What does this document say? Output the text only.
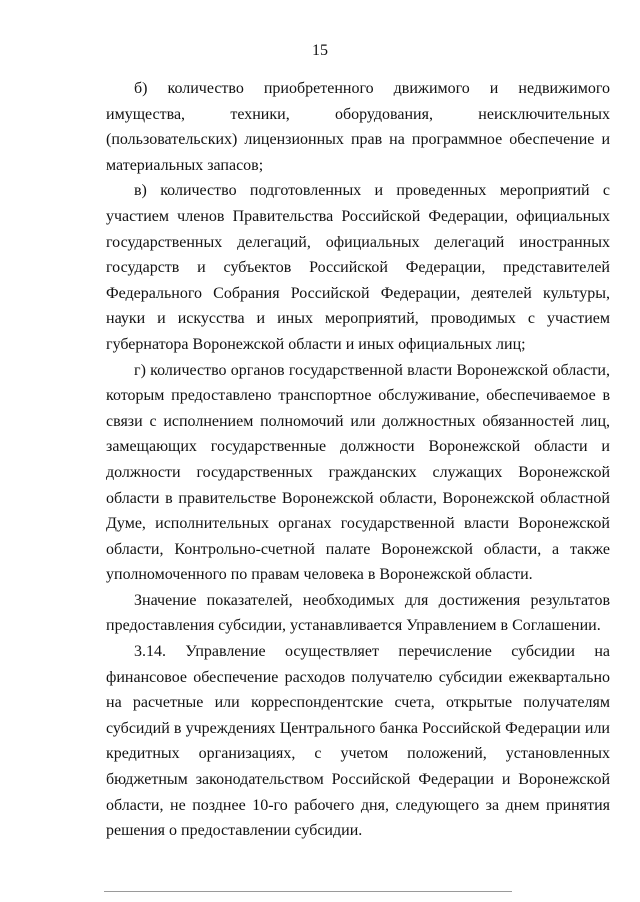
15

б) количество приобретенного движимого и недвижимого имущества, техники, оборудования, неисключительных (пользовательских) лицензионных прав на программное обеспечение и материальных запасов;

в) количество подготовленных и проведенных мероприятий с участием членов Правительства Российской Федерации, официальных государственных делегаций, официальных делегаций иностранных государств и субъектов Российской Федерации, представителей Федерального Собрания Российской Федерации, деятелей культуры, науки и искусства и иных мероприятий, проводимых с участием губернатора Воронежской области и иных официальных лиц;

г) количество органов государственной власти Воронежской области, которым предоставлено транспортное обслуживание, обеспечиваемое в связи с исполнением полномочий или должностных обязанностей лиц, замещающих государственные должности Воронежской области и должности государственных гражданских служащих Воронежской области в правительстве Воронежской области, Воронежской областной Думе, исполнительных органах государственной власти Воронежской области, Контрольно-счетной палате Воронежской области, а также уполномоченного по правам человека в Воронежской области.

Значение показателей, необходимых для достижения результатов предоставления субсидии, устанавливается Управлением в Соглашении.

3.14. Управление осуществляет перечисление субсидии на финансовое обеспечение расходов получателю субсидии ежеквартально на расчетные или корреспондентские счета, открытые получателям субсидий в учреждениях Центрального банка Российской Федерации или кредитных организациях, с учетом положений, установленных бюджетным законодательством Российской Федерации и Воронежской области, не позднее 10-го рабочего дня, следующего за днем принятия решения о предоставлении субсидии.
